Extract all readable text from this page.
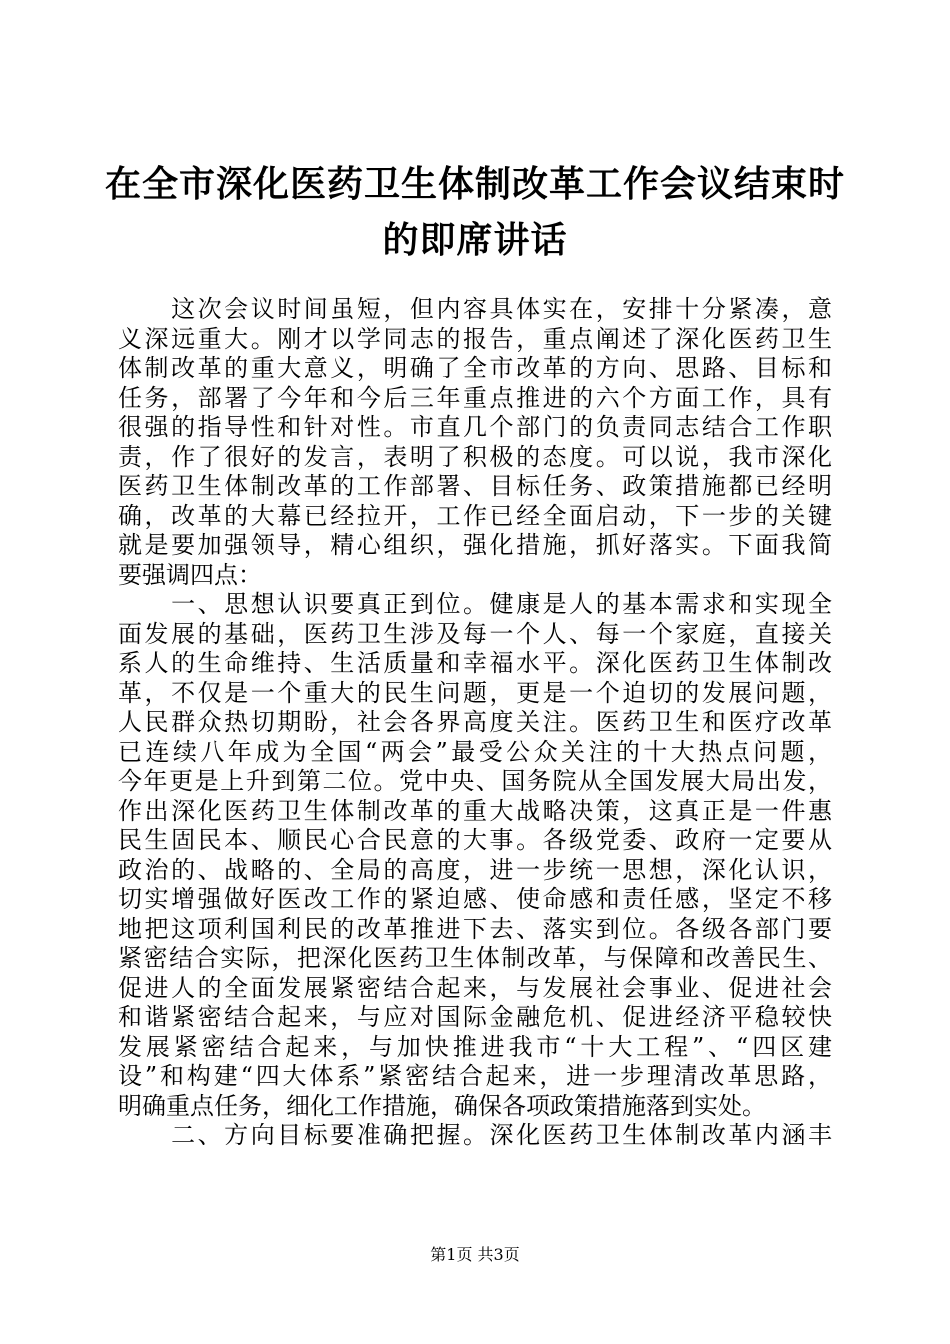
在全市深化医药卫生体制改革工作会议结束时
的即席讲话
　　这次会议时间虽短，但内容具体实在，安排十分紧凑，意
义深远重大。刚才以学同志的报告，重点阐述了深化医药卫生
体制改革的重大意义，明确了全市改革的方向、思路、目标和
任务，部署了今年和今后三年重点推进的六个方面工作，具有
很强的指导性和针对性。市直几个部门的负责同志结合工作职
责，作了很好的发言，表明了积极的态度。可以说，我市深化
医药卫生体制改革的工作部署、目标任务、政策措施都已经明
确，改革的大幕已经拉开，工作已经全面启动，下一步的关键
就是要加强领导，精心组织，强化措施，抓好落实。下面我简
要强调四点：
　　一、思想认识要真正到位。健康是人的基本需求和实现全
面发展的基础，医药卫生涉及每一个人、每一个家庭，直接关
系人的生命维持、生活质量和幸福水平。深化医药卫生体制改
革，不仅是一个重大的民生问题，更是一个迫切的发展问题，
人民群众热切期盼，社会各界高度关注。医药卫生和医疗改革
已连续八年成为全国“两会”最受公众关注的十大热点问题，
今年更是上升到第二位。党中央、国务院从全国发展大局出发，
作出深化医药卫生体制改革的重大战略决策，这真正是一件惠
民生固民本、顺民心合民意的大事。各级党委、政府一定要从
政治的、战略的、全局的高度，进一步统一思想，深化认识，
切实增强做好医改工作的紧迫感、使命感和责任感，坚定不移
地把这项利国利民的改革推进下去、落实到位。各级各部门要
紧密结合实际，把深化医药卫生体制改革，与保障和改善民生、
促进人的全面发展紧密结合起来，与发展社会事业、促进社会
和谐紧密结合起来，与应对国际金融危机、促进经济平稳较快
发展紧密结合起来，与加快推进我市“十大工程”、“四区建
设”和构建“四大体系”紧密结合起来，进一步理清改革思路，
明确重点任务，细化工作措施，确保各项政策措施落到实处。
　　二、方向目标要准确把握。深化医药卫生体制改革内涵丰
第1页 共3页
